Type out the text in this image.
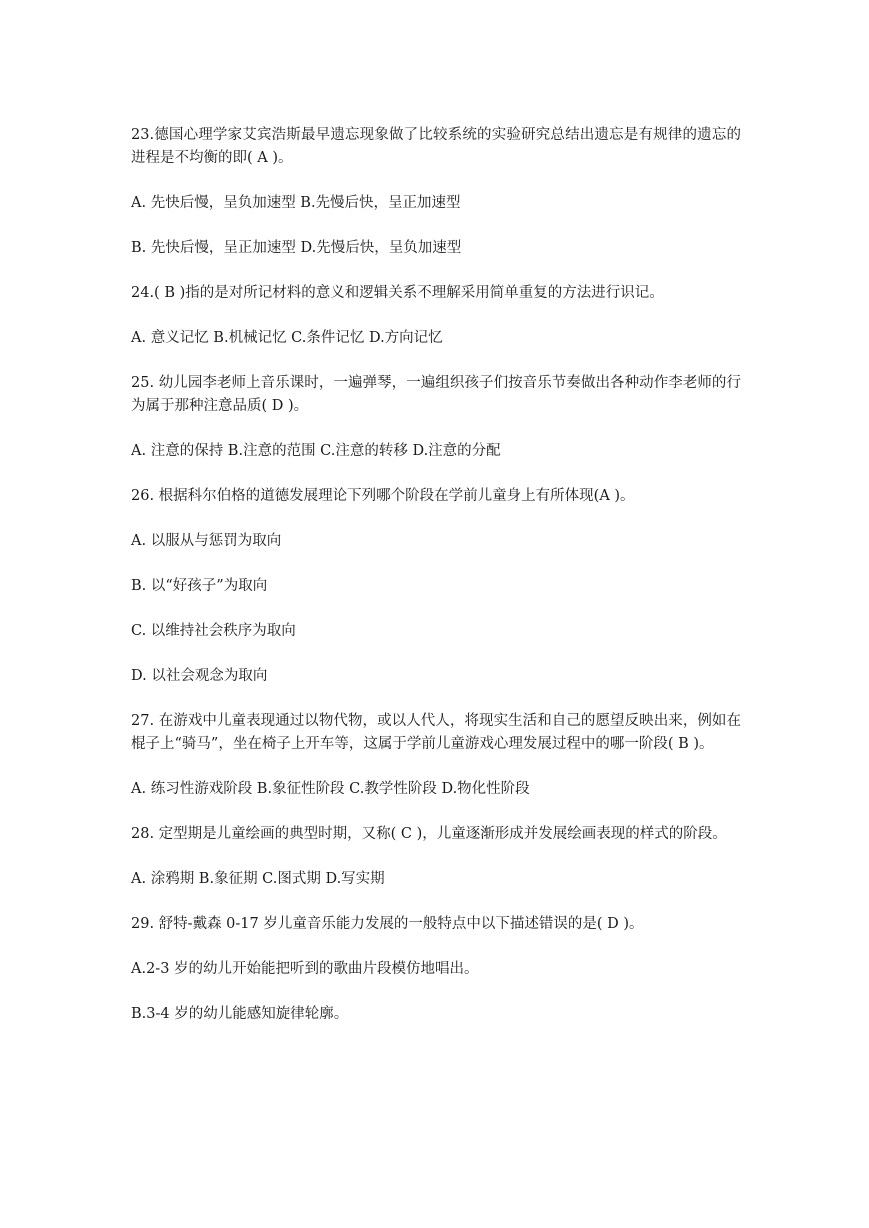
23.德国心理学家艾宾浩斯最早遗忘现象做了比较系统的实验研究总结出遗忘是有规律的遗忘的进程是不均衡的即( A )。

A. 先快后慢，呈负加速型 B.先慢后快，呈正加速型

B. 先快后慢，呈正加速型 D.先慢后快，呈负加速型

24.( B )指的是对所记材料的意义和逻辑关系不理解采用简单重复的方法进行识记。

A. 意义记忆 B.机械记忆 C.条件记忆 D.方向记忆

25. 幼儿园李老师上音乐课时，一遍弹琴，一遍组织孩子们按音乐节奏做出各种动作李老师的行为属于那种注意品质( D )。

A. 注意的保持 B.注意的范围 C.注意的转移 D.注意的分配

26. 根据科尔伯格的道德发展理论下列哪个阶段在学前儿童身上有所体现(A )。

A. 以服从与惩罚为取向

B. 以“好孩子”为取向

C. 以维持社会秩序为取向

D. 以社会观念为取向

27. 在游戏中儿童表现通过以物代物，或以人代人，将现实生活和自己的愿望反映出来，例如在棍子上“骑马”，坐在椅子上开车等，这属于学前儿童游戏心理发展过程中的哪一阶段( B )。

A. 练习性游戏阶段 B.象征性阶段 C.教学性阶段 D.物化性阶段

28. 定型期是儿童绘画的典型时期，又称( C )，儿童逐渐形成并发展绘画表现的样式的阶段。

A. 涂鸦期 B.象征期 C.图式期 D.写实期

29. 舒特-戴森 0-17 岁儿童音乐能力发展的一般特点中以下描述错误的是( D )。

A.2-3 岁的幼儿开始能把听到的歌曲片段模仿地唱出。

B.3-4 岁的幼儿能感知旋律轮廓。
